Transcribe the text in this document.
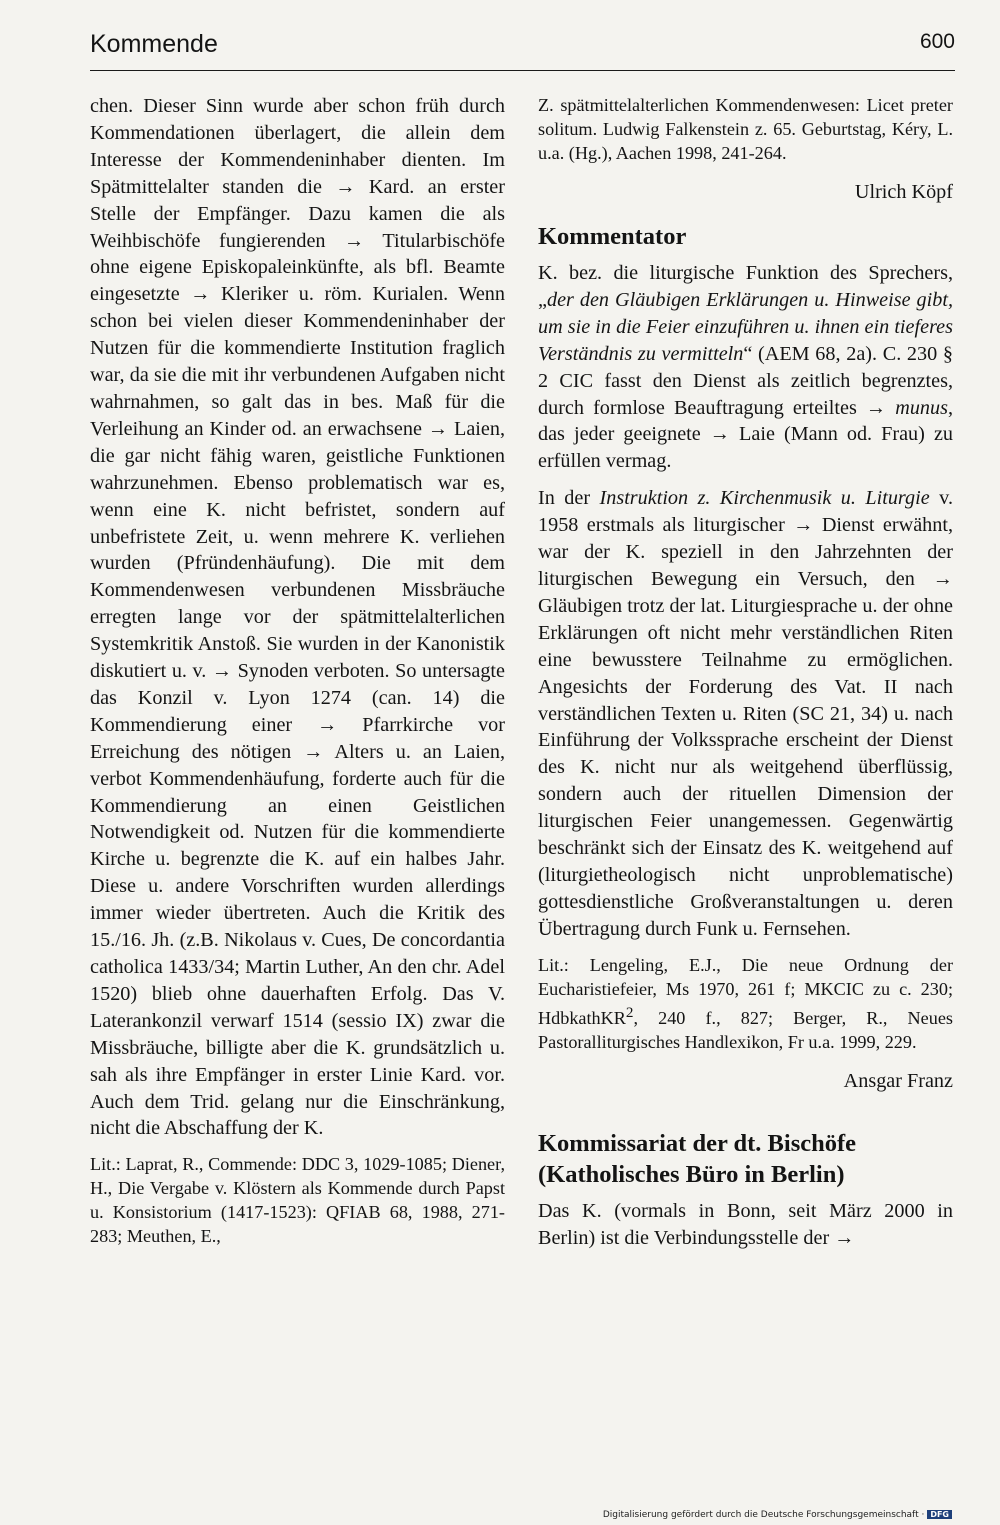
Kommende	600

chen. Dieser Sinn wurde aber schon früh durch Kommendationen überlagert, die allein dem Interesse der Kommendeninhaber dienten. Im Spätmittelalter standen die → Kard. an erster Stelle der Empfänger. Dazu kamen die als Weihbischöfe fungierenden → Titularbischöfe ohne eigene Episkopaleinkünfte, als bfl. Beamte eingesetzte → Kleriker u. röm. Kurialen. Wenn schon bei vielen dieser Kommendeninhaber der Nutzen für die kommendierte Institution fraglich war, da sie die mit ihr verbundenen Aufgaben nicht wahrnahmen, so galt das in bes. Maß für die Verleihung an Kinder od. an erwachsene → Laien, die gar nicht fähig waren, geistliche Funktionen wahrzunehmen. Ebenso problematisch war es, wenn eine K. nicht befristet, sondern auf unbefristete Zeit, u. wenn mehrere K. verliehen wurden (Pfründenhäufung). Die mit dem Kommendenwesen verbundenen Missbräuche erregten lange vor der spätmittelalterlichen Systemkritik Anstoß. Sie wurden in der Kanonistik diskutiert u. v. → Synoden verboten. So untersagte das Konzil v. Lyon 1274 (can. 14) die Kommendierung einer → Pfarrkirche vor Erreichung des nötigen → Alters u. an Laien, verbot Kommendenhäufung, forderte auch für die Kommendierung an einen Geistlichen Notwendigkeit od. Nutzen für die kommendierte Kirche u. begrenzte die K. auf ein halbes Jahr. Diese u. andere Vorschriften wurden allerdings immer wieder übertreten. Auch die Kritik des 15./16. Jh. (z.B. Nikolaus v. Cues, De concordantia catholica 1433/34; Martin Luther, An den chr. Adel 1520) blieb ohne dauerhaften Erfolg. Das V. Laterankonzil verwarf 1514 (sessio IX) zwar die Missbräuche, billigte aber die K. grundsätzlich u. sah als ihre Empfänger in erster Linie Kard. vor. Auch dem Trid. gelang nur die Einschränkung, nicht die Abschaffung der K.

Lit.: Laprat, R., Commende: DDC 3, 1029-1085; Diener, H., Die Vergabe v. Klöstern als Kommende durch Papst u. Konsistorium (1417-1523): QFIAB 68, 1988, 271-283; Meuthen, E.,

Z. spätmittelalterlichen Kommendenwesen: Licet preter solitum. Ludwig Falkenstein z. 65. Geburtstag, Kéry, L. u.a. (Hg.), Aachen 1998, 241-264.

Ulrich Köpf

Kommentator

K. bez. die liturgische Funktion des Sprechers, „der den Gläubigen Erklärungen u. Hinweise gibt, um sie in die Feier einzuführen u. ihnen ein tieferes Verständnis zu vermitteln“ (AEM 68, 2a). C. 230 § 2 CIC fasst den Dienst als zeitlich begrenztes, durch formlose Beauftragung erteiltes → munus, das jeder geeignete → Laie (Mann od. Frau) zu erfüllen vermag.

In der Instruktion z. Kirchenmusik u. Liturgie v. 1958 erstmals als liturgischer → Dienst erwähnt, war der K. speziell in den Jahrzehnten der liturgischen Bewegung ein Versuch, den → Gläubigen trotz der lat. Liturgiesprache u. der ohne Erklärungen oft nicht mehr verständlichen Riten eine bewusstere Teilnahme zu ermöglichen. Angesichts der Forderung des Vat. II nach verständlichen Texten u. Riten (SC 21, 34) u. nach Einführung der Volkssprache erscheint der Dienst des K. nicht nur als weitgehend überflüssig, sondern auch der rituellen Dimension der liturgischen Feier unangemessen. Gegenwärtig beschränkt sich der Einsatz des K. weitgehend auf (liturgietheologisch nicht unproblematische) gottesdienstliche Großveranstaltungen u. deren Übertragung durch Funk u. Fernsehen.

Lit.: Lengeling, E.J., Die neue Ordnung der Eucharistiefeier, Ms 1970, 261 f; MKCIC zu c. 230; HdbkathKR$^2$, 240 f., 827; Berger, R., Neues Pastoralliturgisches Handlexikon, Fr u.a. 1999, 229.

Ansgar Franz

Kommissariat der dt. Bischöfe (Katholisches Büro in Berlin)

Das K. (vormals in Bonn, seit März 2000 in Berlin) ist die Verbindungsstelle der →

Digitalisierung gefördert durch die Deutsche Forschungsgemeinschaft · DFG
